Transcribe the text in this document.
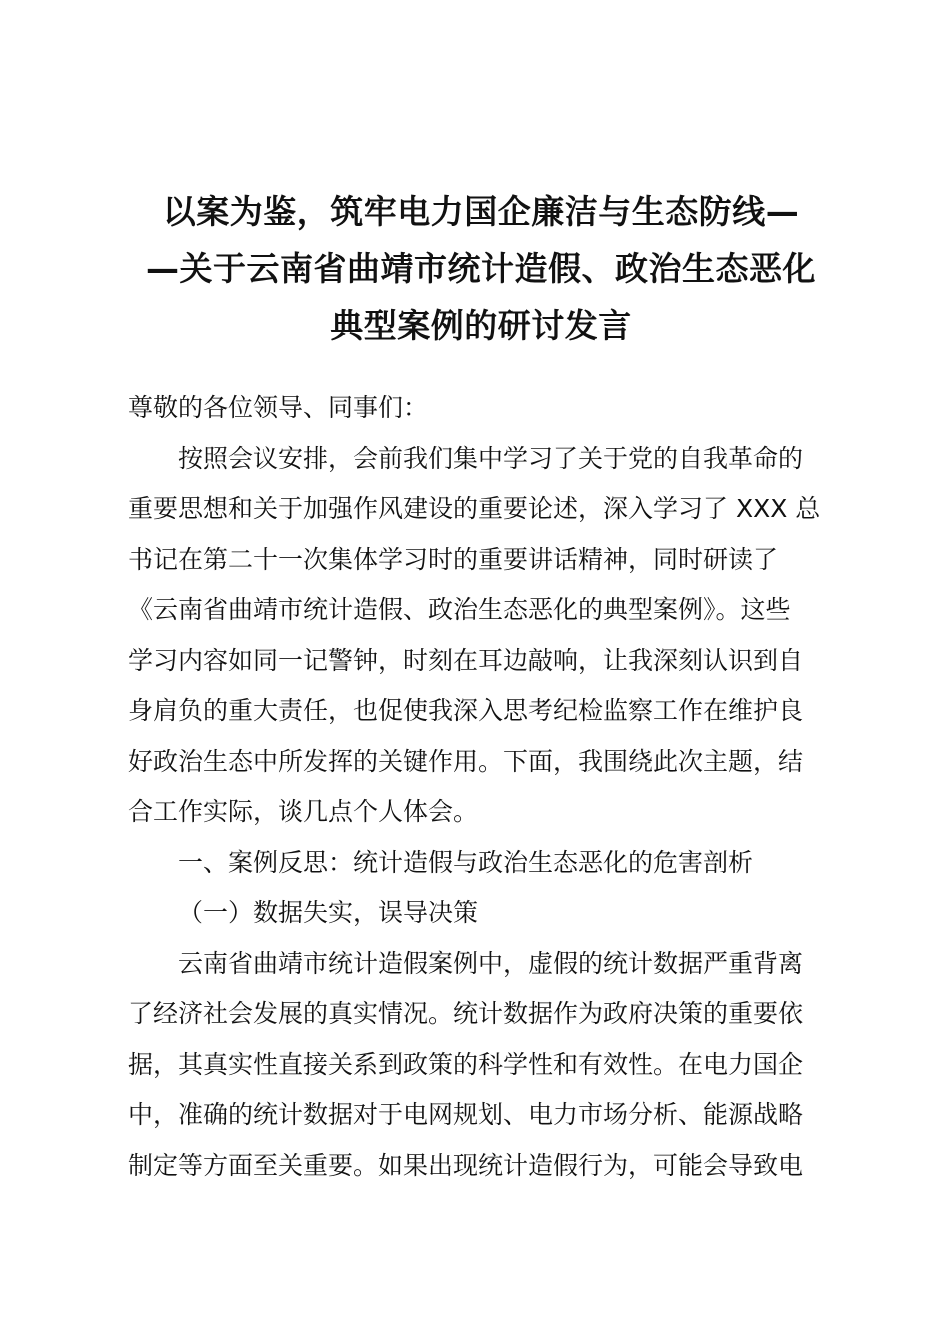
以案为鉴，筑牢电力国企廉洁与生态防线—
—关于云南省曲靖市统计造假、政治生态恶化
典型案例的研讨发言

尊敬的各位领导、同事们：

按照会议安排，会前我们集中学习了关于党的自我革命的

重要思想和关于加强作风建设的重要论述，深入学习了 XXX 总

书记在第二十一次集体学习时的重要讲话精神，同时研读了

《云南省曲靖市统计造假、政治生态恶化的典型案例》。这些

学习内容如同一记警钟，时刻在耳边敲响，让我深刻认识到自

身肩负的重大责任，也促使我深入思考纪检监察工作在维护良

好政治生态中所发挥的关键作用。下面，我围绕此次主题，结

合工作实际，谈几点个人体会。

一、案例反思：统计造假与政治生态恶化的危害剖析

（一）数据失实，误导决策

云南省曲靖市统计造假案例中，虚假的统计数据严重背离

了经济社会发展的真实情况。统计数据作为政府决策的重要依

据，其真实性直接关系到政策的科学性和有效性。在电力国企

中，准确的统计数据对于电网规划、电力市场分析、能源战略

制定等方面至关重要。如果出现统计造假行为，可能会导致电
